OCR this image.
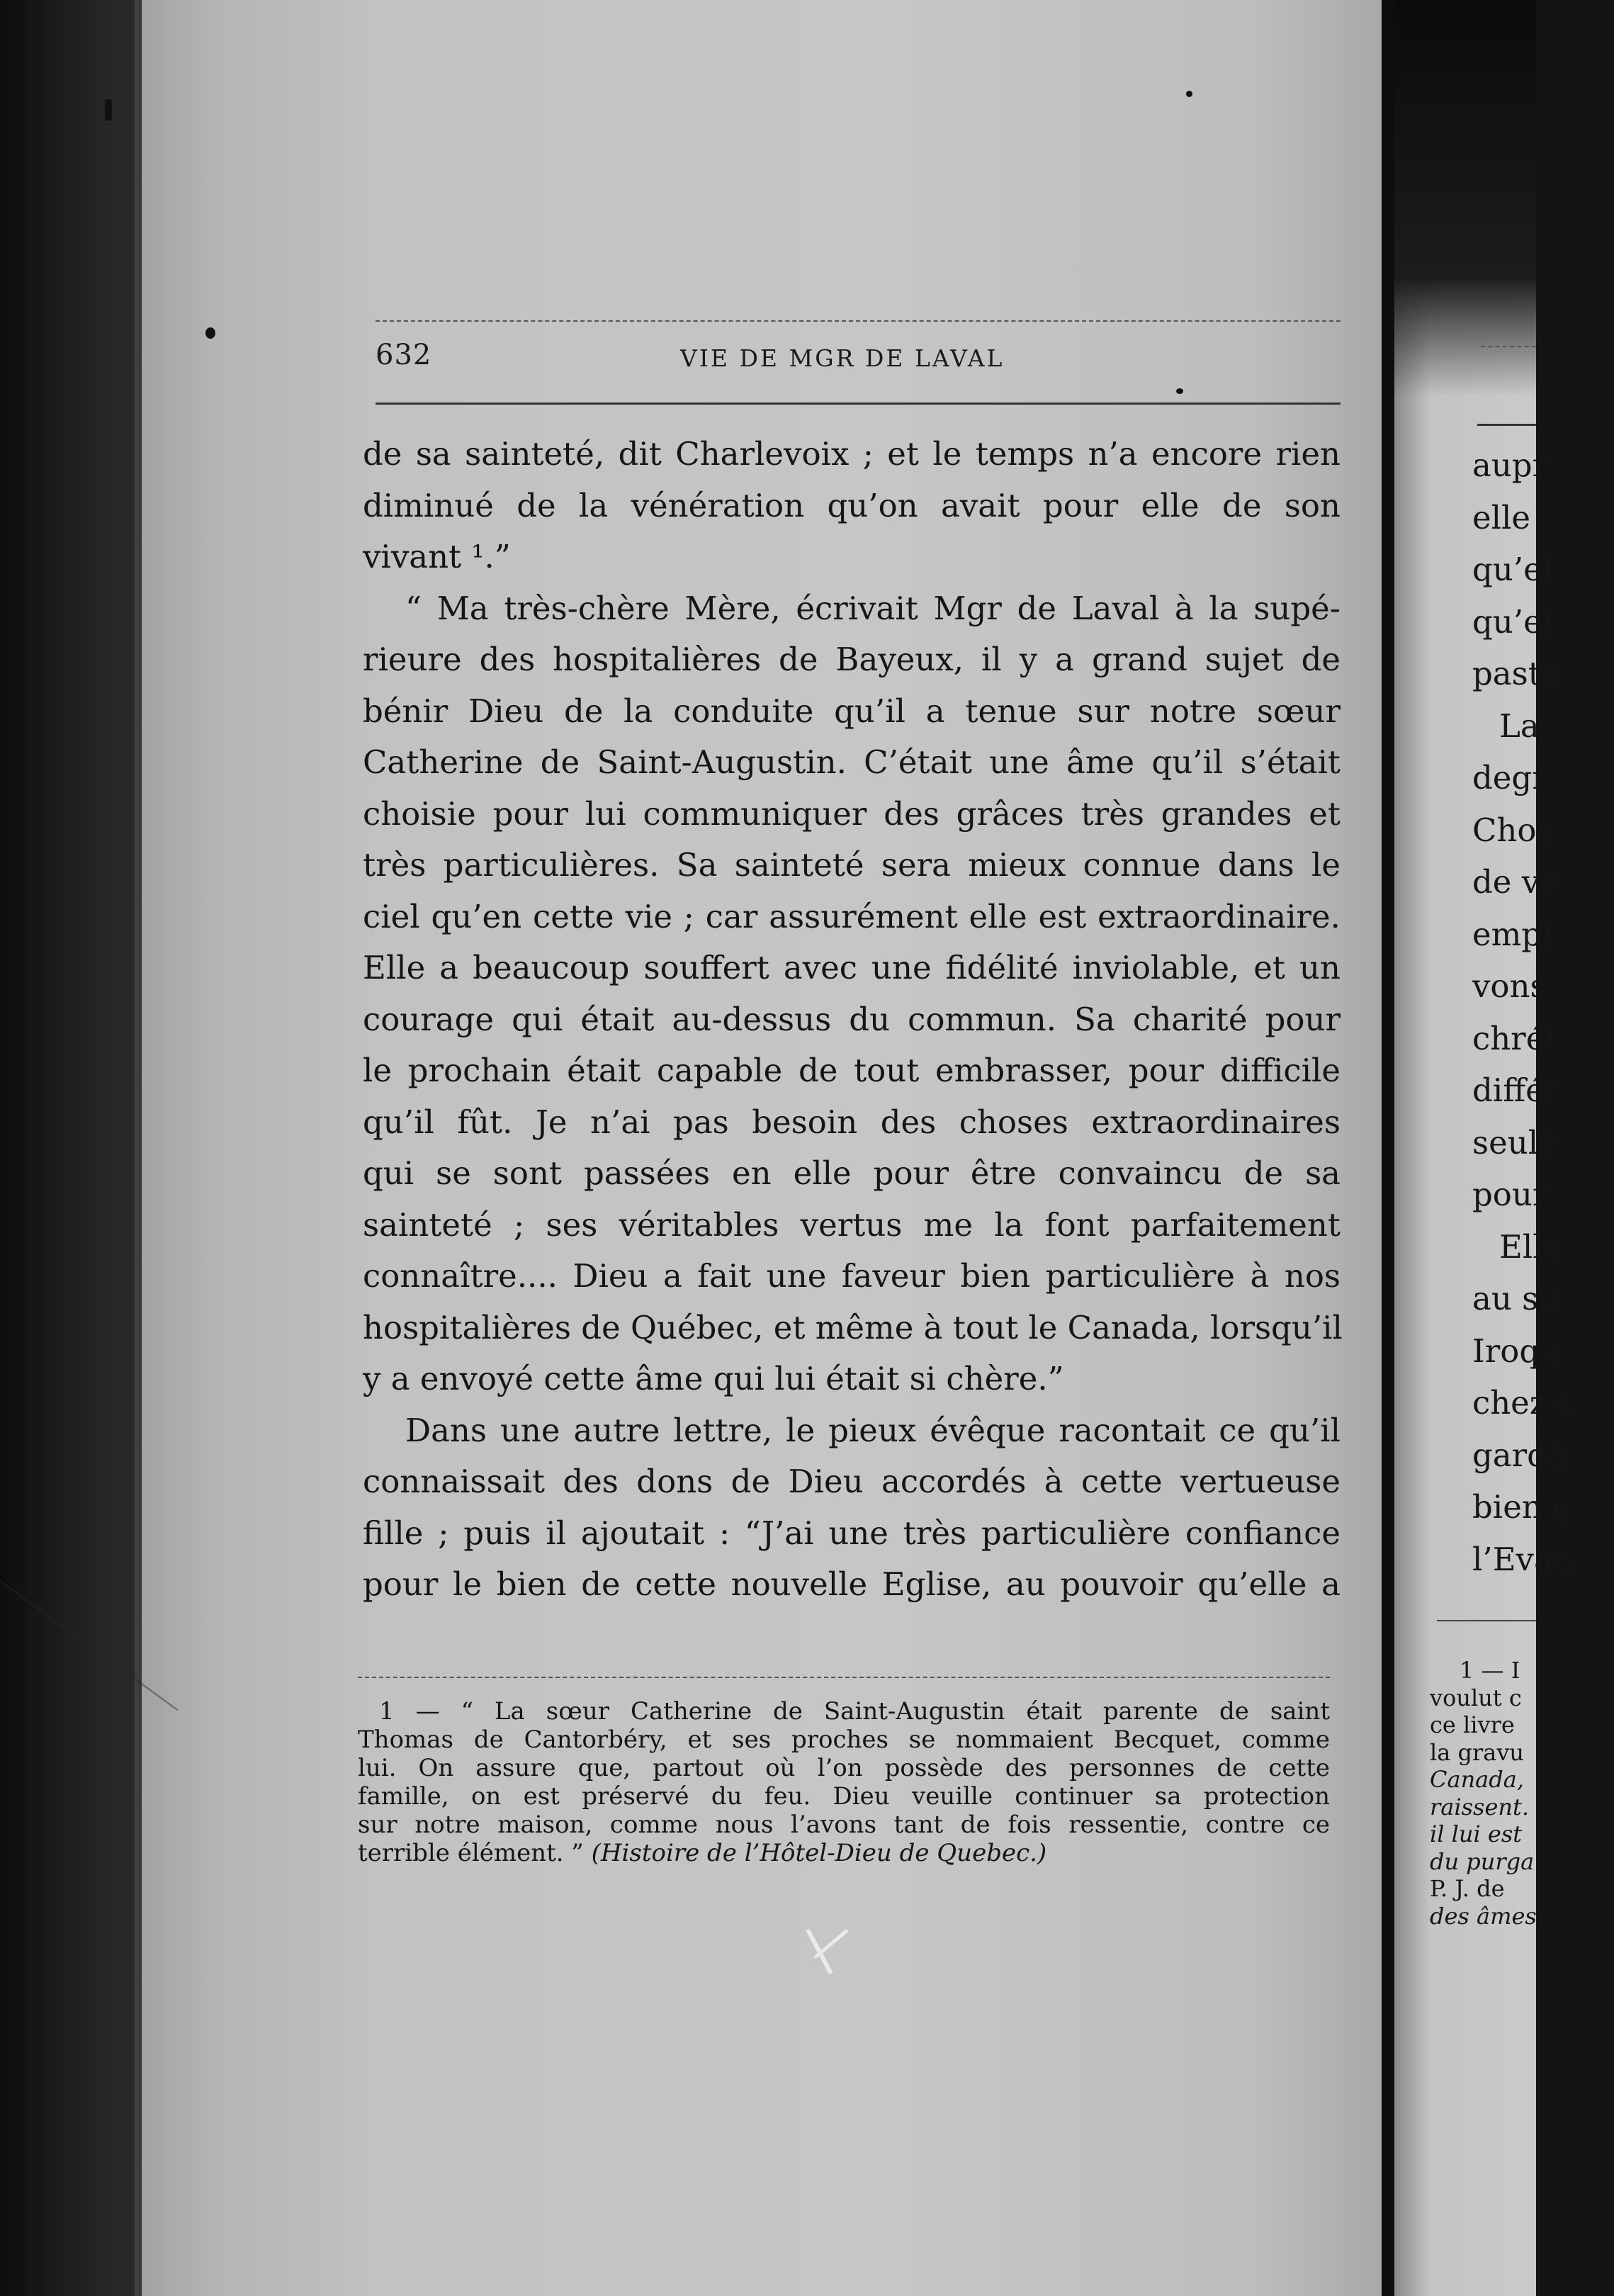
632	VIE DE MGR DE LAVAL
de sa sainteté, dit Charlevoix ; et le temps n’a encore rien
diminué de la vénération qu’on avait pour elle de son
vivant ¹.”
“ Ma très-chère Mère, écrivait Mgr de Laval à la supé-
rieure des hospitalières de Bayeux, il y a grand sujet de
bénir Dieu de la conduite qu’il a tenue sur notre sœur
Catherine de Saint-Augustin. C’était une âme qu’il s’était
choisie pour lui communiquer des grâces très grandes et
très particulières. Sa sainteté sera mieux connue dans le
ciel qu’en cette vie ; car assurément elle est extraordinaire.
Elle a beaucoup souffert avec une fidélité inviolable, et un
courage qui était au-dessus du commun. Sa charité pour
le prochain était capable de tout embrasser, pour difficile
qu’il fût. Je n’ai pas besoin des choses extraordinaires
qui se sont passées en elle pour être convaincu de sa
sainteté ; ses véritables vertus me la font parfaitement
connaître.... Dieu a fait une faveur bien particulière à nos
hospitalières de Québec, et même à tout le Canada, lorsqu’il
y a envoyé cette âme qui lui était si chère.”
Dans une autre lettre, le pieux évêque racontait ce qu’il
connaissait des dons de Dieu accordés à cette vertueuse
fille ; puis il ajoutait : “J’ai une très particulière confiance
pour le bien de cette nouvelle Eglise, au pouvoir qu’elle a
1 — “ La sœur Catherine de Saint-Augustin était parente de saint
Thomas de Cantorbéry, et ses proches se nommaient Becquet, comme
lui. On assure que, partout où l’on possède des personnes de cette
famille, on est préservé du feu. Dieu veuille continuer sa protection
sur notre maison, comme nous l’avons tant de fois ressentie, contre ce
terrible élément. ” (Histoire de l’Hôtel-Dieu de Quebec.)
aupr
elle
qu’el
qu’el
paste
La
degr
Chos
de ve
empl
vons
chrét
différ
seule
pour
Elle
au su
Iroqu
chez c
garde
bien q
l’Evan
1 — I
voulut c
ce livre
la gravu
Canada,
raissent.
il lui est
du purga
P. J. de
des âmes,
